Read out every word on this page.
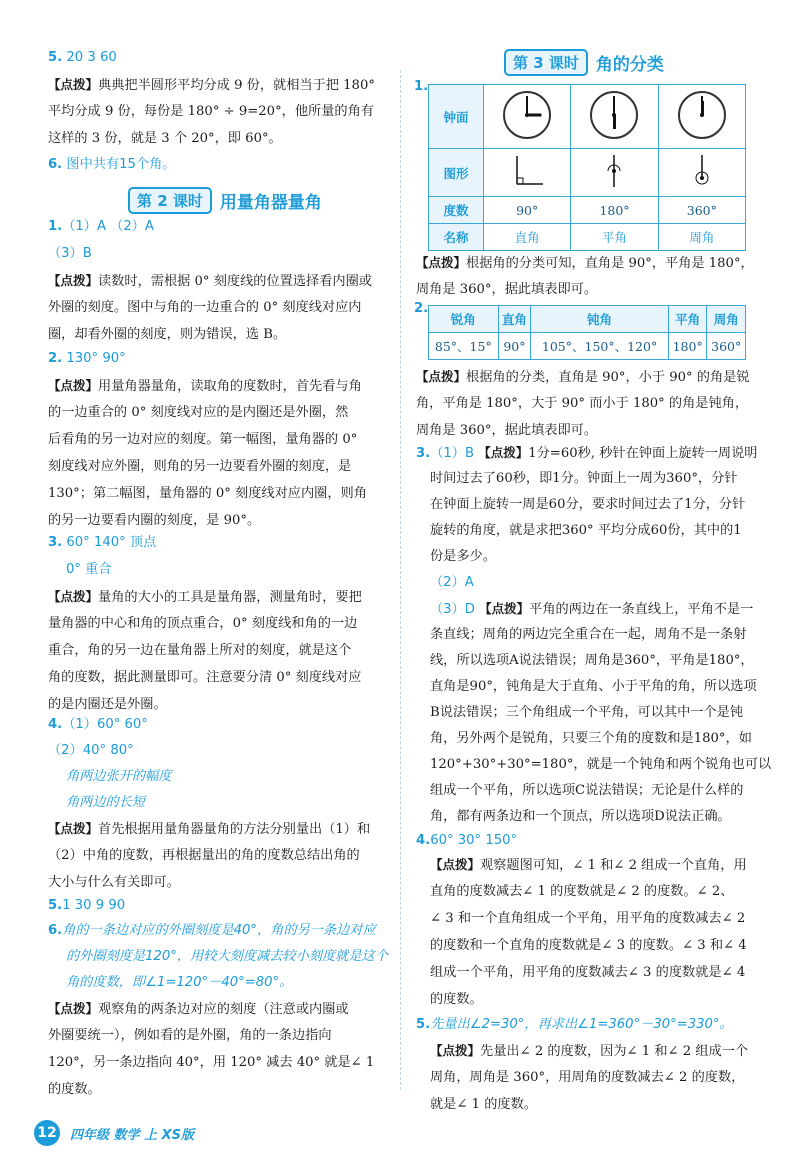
5. 20 3 60
【点拨】典典把半圆形平均分成 9 份，就相当于把 180°
平均分成 9 份，每份是 180° ÷ 9=20°，他所量的角有
这样的 3 份，就是 3 个 20°，即 60°。
6. 图中共有15个角。
第 2 课时	用量角器量角
1.（1）A （2）A
（3）B
【点拨】读数时，需根据 0° 刻度线的位置选择看内圈或
外圈的刻度。图中与角的一边重合的 0° 刻度线对应内
圈，却看外圈的刻度，则为错误，选 B。
2. 130° 90°
【点拨】用量角器量角，读取角的度数时，首先看与角
的一边重合的 0° 刻度线对应的是内圈还是外圈，然
后看角的另一边对应的刻度。第一幅图，量角器的 0°
刻度线对应外圈，则角的另一边要看外圈的刻度，是
130°；第二幅图，量角器的 0° 刻度线对应内圈，则角
的另一边要看内圈的刻度，是 90°。
3. 60° 140° 顶点
0° 重合
【点拨】量角的大小的工具是量角器，测量角时，要把
量角器的中心和角的顶点重合，0° 刻度线和角的一边
重合，角的另一边在量角器上所对的刻度，就是这个
角的度数，据此测量即可。注意要分清 0° 刻度线对应
的是内圈还是外圈。
4.（1）60° 60°
（2）40° 80°
角两边张开的幅度
角两边的长短
【点拨】首先根据用量角器量角的方法分别量出（1）和
（2）中角的度数，再根据量出的角的度数总结出角的
大小与什么有关即可。
5.1 30 9 90
6.角的一条边对应的外圈刻度是40°，角的另一条边对应
的外圈刻度是120°，用较大刻度减去较小刻度就是这个
角的度数，即∠1=120°－40°=80°。
【点拨】观察角的两条边对应的刻度（注意或内圈或
外圈要统一），例如看的是外圈，角的一条边指向
120°，另一条边指向 40°，用 120° 减去 40° 就是∠ 1
的度数。
第 3 课时	角的分类
1.
钟面	

图形			
度数	90°	180°	360°
名称	直角	平角	周角
【点拨】根据角的分类可知，直角是 90°，平角是 180°，
周角是 360°，据此填表即可。
2.
锐角	直角	钝角	平角	周角
85°、15°	90°	105°、150°、120°	180°	360°
【点拨】根据角的分类，直角是 90°，小于 90° 的角是锐
角，平角是 180°，大于 90° 而小于 180° 的角是钝角，
周角是 360°，据此填表即可。
3.（1）B 【点拨】1分=60秒, 秒针在钟面上旋转一周说明
时间过去了60秒，即1分。钟面上一周为360°，分针
在钟面上旋转一周是60分，要求时间过去了1分，分针
旋转的角度，就是求把360° 平均分成60份，其中的1
份是多少。
（2）A
（3）D 【点拨】平角的两边在一条直线上，平角不是一
条直线；周角的两边完全重合在一起，周角不是一条射
线，所以选项A说法错误；周角是360°，平角是180°，
直角是90°，钝角是大于直角、小于平角的角，所以选项
B说法错误；三个角组成一个平角，可以其中一个是钝
角，另外两个是锐角，只要三个角的度数和是180°，如
120°+30°+30°=180°，就是一个钝角和两个锐角也可以
组成一个平角，所以选项C说法错误；无论是什么样的
角，都有两条边和一个顶点，所以选项D说法正确。
4.60° 30° 150°
【点拨】观察题图可知，∠ 1 和∠ 2 组成一个直角，用
直角的度数减去∠ 1 的度数就是∠ 2 的度数。∠ 2、
∠ 3 和一个直角组成一个平角，用平角的度数减去∠ 2
的度数和一个直角的度数就是∠ 3 的度数。∠ 3 和∠ 4
组成一个平角，用平角的度数减去∠ 3 的度数就是∠ 4
的度数。
5.先量出∠2=30°，再求出∠1=360°－30°=330°。
【点拨】先量出∠ 2 的度数，因为∠ 1 和∠ 2 组成一个
周角，周角是 360°，用周角的度数减去∠ 2 的度数，
就是∠ 1 的度数。
12 四年级 数学 上 XS版
